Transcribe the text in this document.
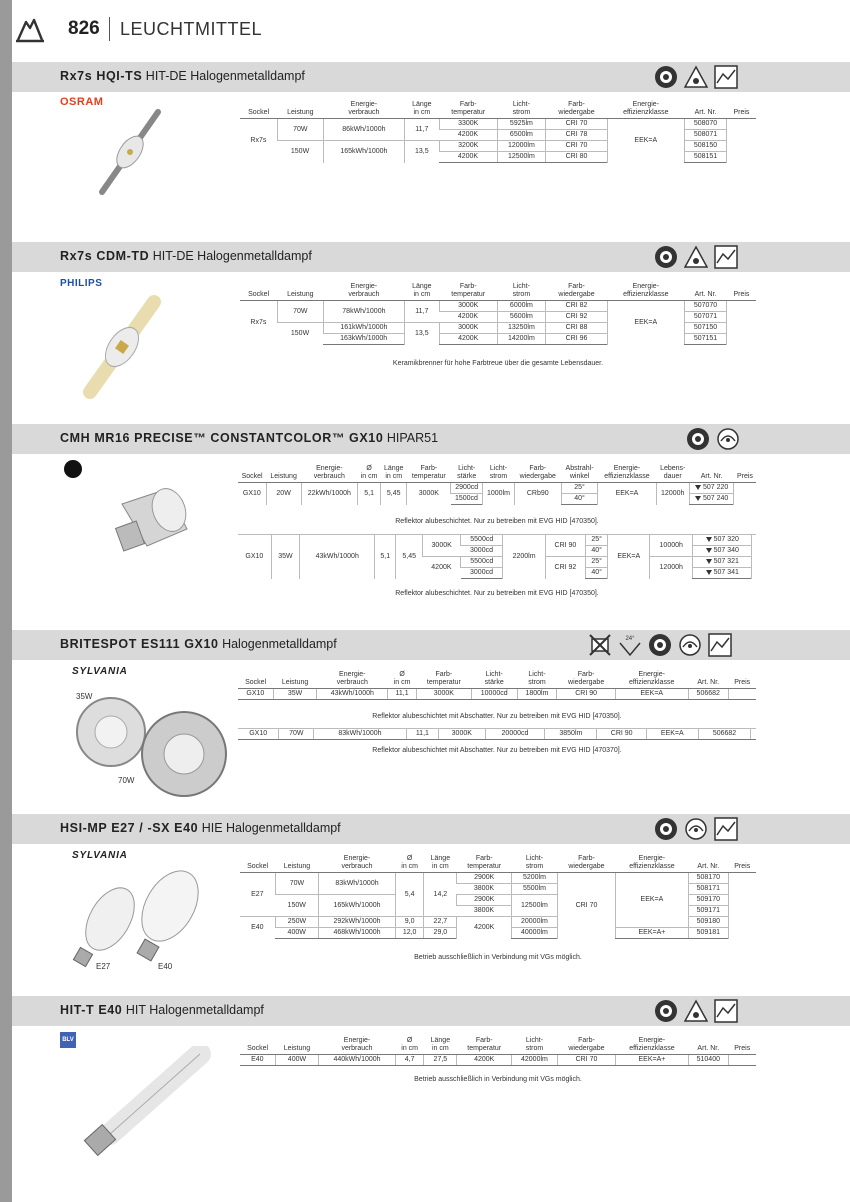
826 LEUCHTMITTEL
Rx7s HQI-TS HIT-DE Halogenmetalldampf
OSRAM
Sockel	Leistung	Energie-
verbrauch	Länge
in cm	Farb-
temperatur	Licht-
strom	Farb-
wiedergabe	Energie-
effizienzklasse	Art. Nr.	Preis
Rx7s	70W	86kWh/1000h	11,7	3300K	5925lm	CRI 70	EEK=A	508070	
				4200K	6500lm	CRI 78		508071	
	150W	165kWh/1000h	13,5	3200K	12000lm	CRI 70		508150	
				4200K	12500lm	CRI 80		508151	
Rx7s CDM-TD HIT-DE Halogenmetalldampf
PHILIPS
Sockel	Leistung	Energie-
verbrauch	Länge
in cm	Farb-
temperatur	Licht-
strom	Farb-
wiedergabe	Energie-
effizienzklasse	Art. Nr.	Preis
Rx7s	70W	78kWh/1000h	11,7	3000K	6000lm	CRI 82	EEK=A	507070	
				4200K	5600lm	CRI 92		507071	
	150W	161kWh/1000h	13,5	3000K	13250lm	CRI 88		507150	
		163kWh/1000h		4200K	14200lm	CRI 96		507151	
Keramikbrenner für hohe Farbtreue über die gesamte Lebensdauer.
CMH MR16 PRECISE™ CONSTANTCOLOR™ GX10 HIPAR51
Sockel	Leistung	Energie-
verbrauch	Ø
in cm	Länge
in cm	Farb-
temperatur	Licht-
stärke	Licht-
strom	Farb-
wiedergabe	Abstrahl-
winkel	Energie-
effizienzklasse	Lebens-
dauer	Art. Nr.	Preis
GX10	20W	22kWh/1000h	5,1	5,45	3000K	2900cd	1000lm	CRb90	25°	EEK=A	12000h	507 220	
						1500cd			40°			507 240	
Reflektor alubeschichtet. Nur zu betreiben mit EVG HID [470350].
GX10	35W	43kWh/1000h	5,1	5,45	3000K	5500cd	2200lm	CRI 90	25°	EEK=A	10000h	507 320	
						3000cd			40°			507 340	
					4200K	5500cd		CRI 92	25°		12000h	507 321	
						3000cd			40°			507 341	
Reflektor alubeschichtet. Nur zu betreiben mit EVG HID [470350].
BRITESPOT ES111 GX10 Halogenmetalldampf	24°
SYLVANIA
35W
70W
Sockel	Leistung	Energie-
verbrauch	Ø
in cm	Farb-
temperatur	Licht-
stärke	Licht-
strom	Farb-
wiedergabe	Energie-
effizienzklasse	Art. Nr.	Preis
GX10	35W	43kWh/1000h	11,1	3000K	10000cd	1800lm	CRI 90	EEK=A	506682	
Reflektor alubeschichtet mit Abschatter. Nur zu betreiben mit EVG HID [470350].
GX10	70W	83kWh/1000h	11,1	3000K	20000cd	3850lm	CRI 90	EEK=A	506682	
Reflektor alubeschichtet mit Abschatter. Nur zu betreiben mit EVG HID [470370].
HSI-MP E27 / -SX E40 HIE Halogenmetalldampf
SYLVANIA
E27	E40
Sockel	Leistung	Energie-
verbrauch	Ø
in cm	Länge
in cm	Farb-
temperatur	Licht-
strom	Farb-
wiedergabe	Energie-
effizienzklasse	Art. Nr.	Preis
E27	70W	83kWh/1000h	5,4	14,2	2900K	5200lm	CRI 70	EEK=A	508170	
					3800K	5500lm			508171	
	150W	165kWh/1000h			2900K	12500lm			509170	
					3800K				509171	
E40	250W	292kWh/1000h	9,0	22,7	4200K	20000lm			509180	
	400W	468kWh/1000h	12,0	29,0		40000lm		EEK=A+	509181	
Betrieb ausschließlich in Verbindung mit VGs möglich.
HIT-T E40 HIT Halogenmetalldampf
BLV
Sockel	Leistung	Energie-
verbrauch	Ø
in cm	Länge
in cm	Farb-
temperatur	Licht-
strom	Farb-
wiedergabe	Energie-
effizienzklasse	Art. Nr.	Preis
E40	400W	440kWh/1000h	4,7	27,5	4200K	42000lm	CRI 70	EEK=A+	510400	
Betrieb ausschließlich in Verbindung mit VGs möglich.
